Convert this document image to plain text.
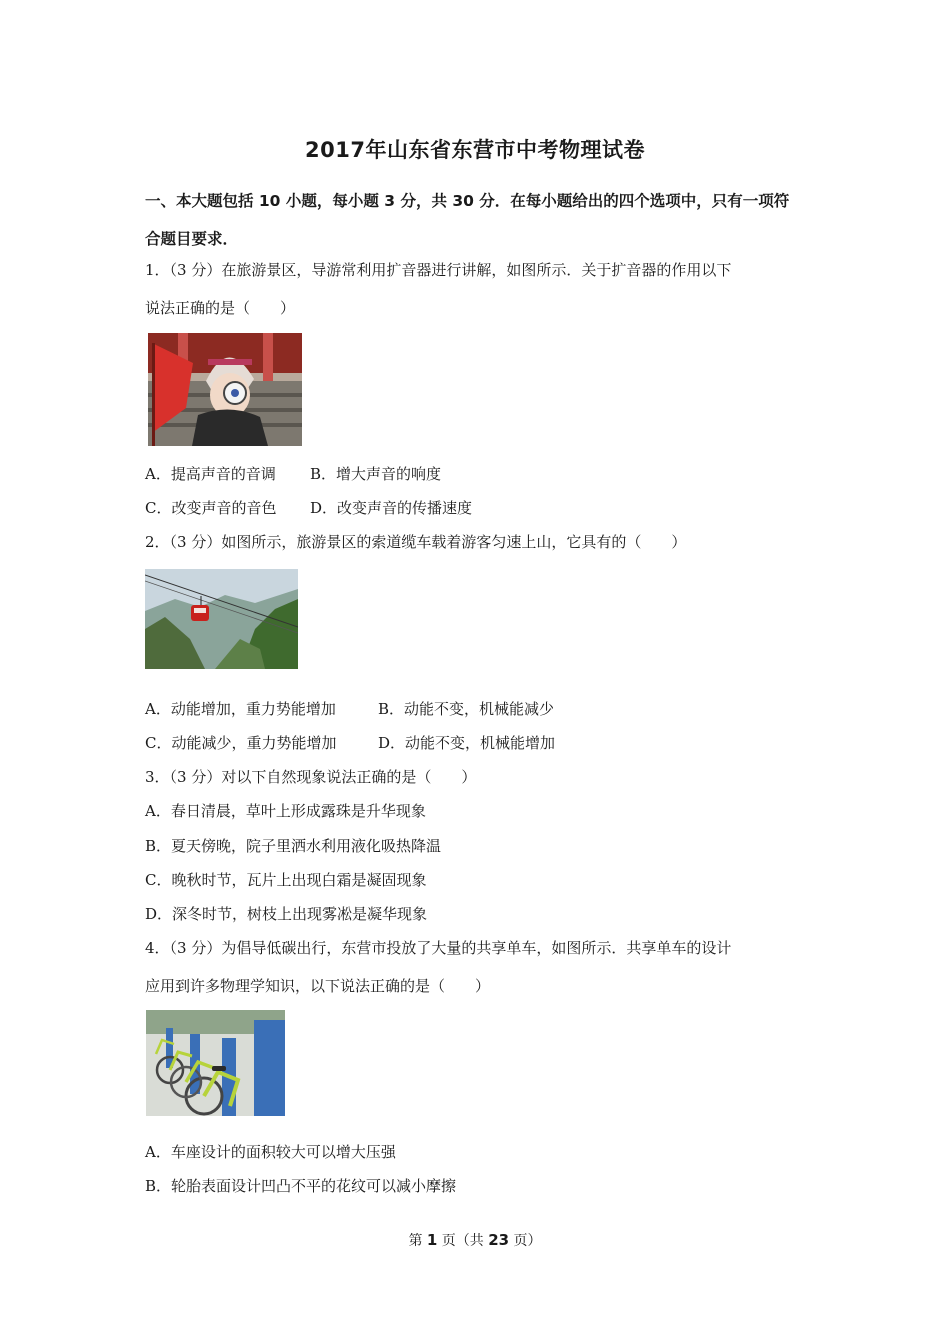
2017年山东省东营市中考物理试卷
一、本大题包括 10 小题，每小题 3 分，共 30 分．在每小题给出的四个选项中，只有一项符
合题目要求．
1．（3 分）在旅游景区，导游常利用扩音器进行讲解，如图所示．关于扩音器的作用以下
说法正确的是（　　）
A．提高声音的音调 B．增大声音的响度
C．改变声音的音色 D．改变声音的传播速度
2．（3 分）如图所示，旅游景区的索道缆车载着游客匀速上山，它具有的（　　）
A．动能增加，重力势能增加	B．动能不变，机械能减少
C．动能减少，重力势能增加	D．动能不变，机械能增加
3．（3 分）对以下自然现象说法正确的是（　　）
A．春日清晨，草叶上形成露珠是升华现象
B．夏天傍晚，院子里洒水利用液化吸热降温
C．晚秋时节，瓦片上出现白霜是凝固现象
D．深冬时节，树枝上出现雾凇是凝华现象
4．（3 分）为倡导低碳出行，东营市投放了大量的共享单车，如图所示．共享单车的设计
应用到许多物理学知识，以下说法正确的是（　　）
A．车座设计的面积较大可以增大压强
B．轮胎表面设计凹凸不平的花纹可以减小摩擦
第 1 页（共 23 页）
